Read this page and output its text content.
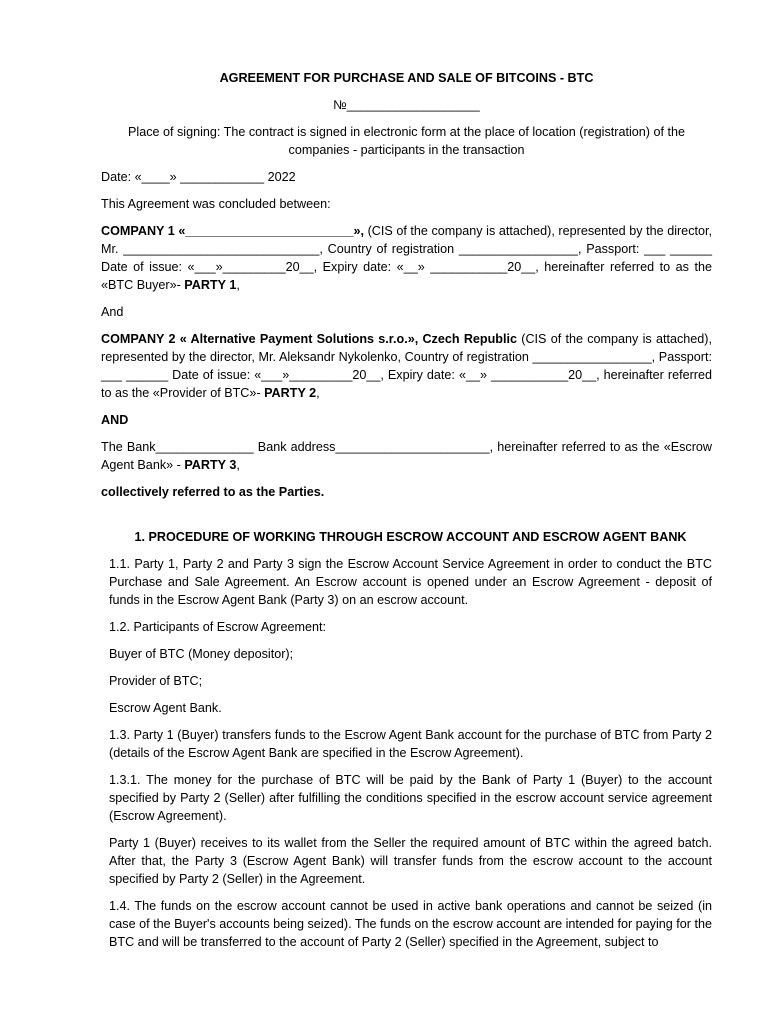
AGREEMENT FOR PURCHASE AND SALE OF BITCOINS - BTC

№___________________

Place of signing: The contract is signed in electronic form at the place of location (registration) of the companies - participants in the transaction

Date: «____» ____________ 2022

This Agreement was concluded between:

COMPANY 1 «________________________», (CIS of the company is attached), represented by the director, Mr. ____________________________, Country of registration _________________, Passport: ___ ______ Date of issue: «___»_________20__, Expiry date: «__» ___________20__, hereinafter referred to as the «BTC Buyer»- PARTY 1,

And

COMPANY 2 « Alternative Payment Solutions s.r.o.», Czech Republic (CIS of the company is attached), represented by the director, Mr. Aleksandr Nykolenko, Country of registration _________________, Passport: ___ ______ Date of issue: «___»_________20__, Expiry date: «__» ___________20__, hereinafter referred to as the «Provider of BTC»- PARTY 2,

AND

The Bank______________ Bank address______________________, hereinafter referred to as the «Escrow Agent Bank» - PARTY 3,

collectively referred to as the Parties.

1. PROCEDURE OF WORKING THROUGH ESCROW ACCOUNT AND ESCROW AGENT BANK

1.1. Party 1, Party 2 and Party 3 sign the Escrow Account Service Agreement in order to conduct the BTC Purchase and Sale Agreement. An Escrow account is opened under an Escrow Agreement - deposit of funds in the Escrow Agent Bank (Party 3) on an escrow account.

1.2. Participants of Escrow Agreement:

Buyer of BTC (Money depositor);

Provider of BTC;

Escrow Agent Bank.

1.3. Party 1 (Buyer) transfers funds to the Escrow Agent Bank account for the purchase of BTC from Party 2 (details of the Escrow Agent Bank are specified in the Escrow Agreement).

1.3.1. The money for the purchase of BTC will be paid by the Bank of Party 1 (Buyer) to the account specified by Party 2 (Seller) after fulfilling the conditions specified in the escrow account service agreement (Escrow Agreement).

Party 1 (Buyer) receives to its wallet from the Seller the required amount of BTC within the agreed batch. After that, the Party 3 (Escrow Agent Bank) will transfer funds from the escrow account to the account specified by Party 2 (Seller) in the Agreement.

1.4. The funds on the escrow account cannot be used in active bank operations and cannot be seized (in case of the Buyer's accounts being seized). The funds on the escrow account are intended for paying for the BTC and will be transferred to the account of Party 2 (Seller) specified in the Agreement, subject to
